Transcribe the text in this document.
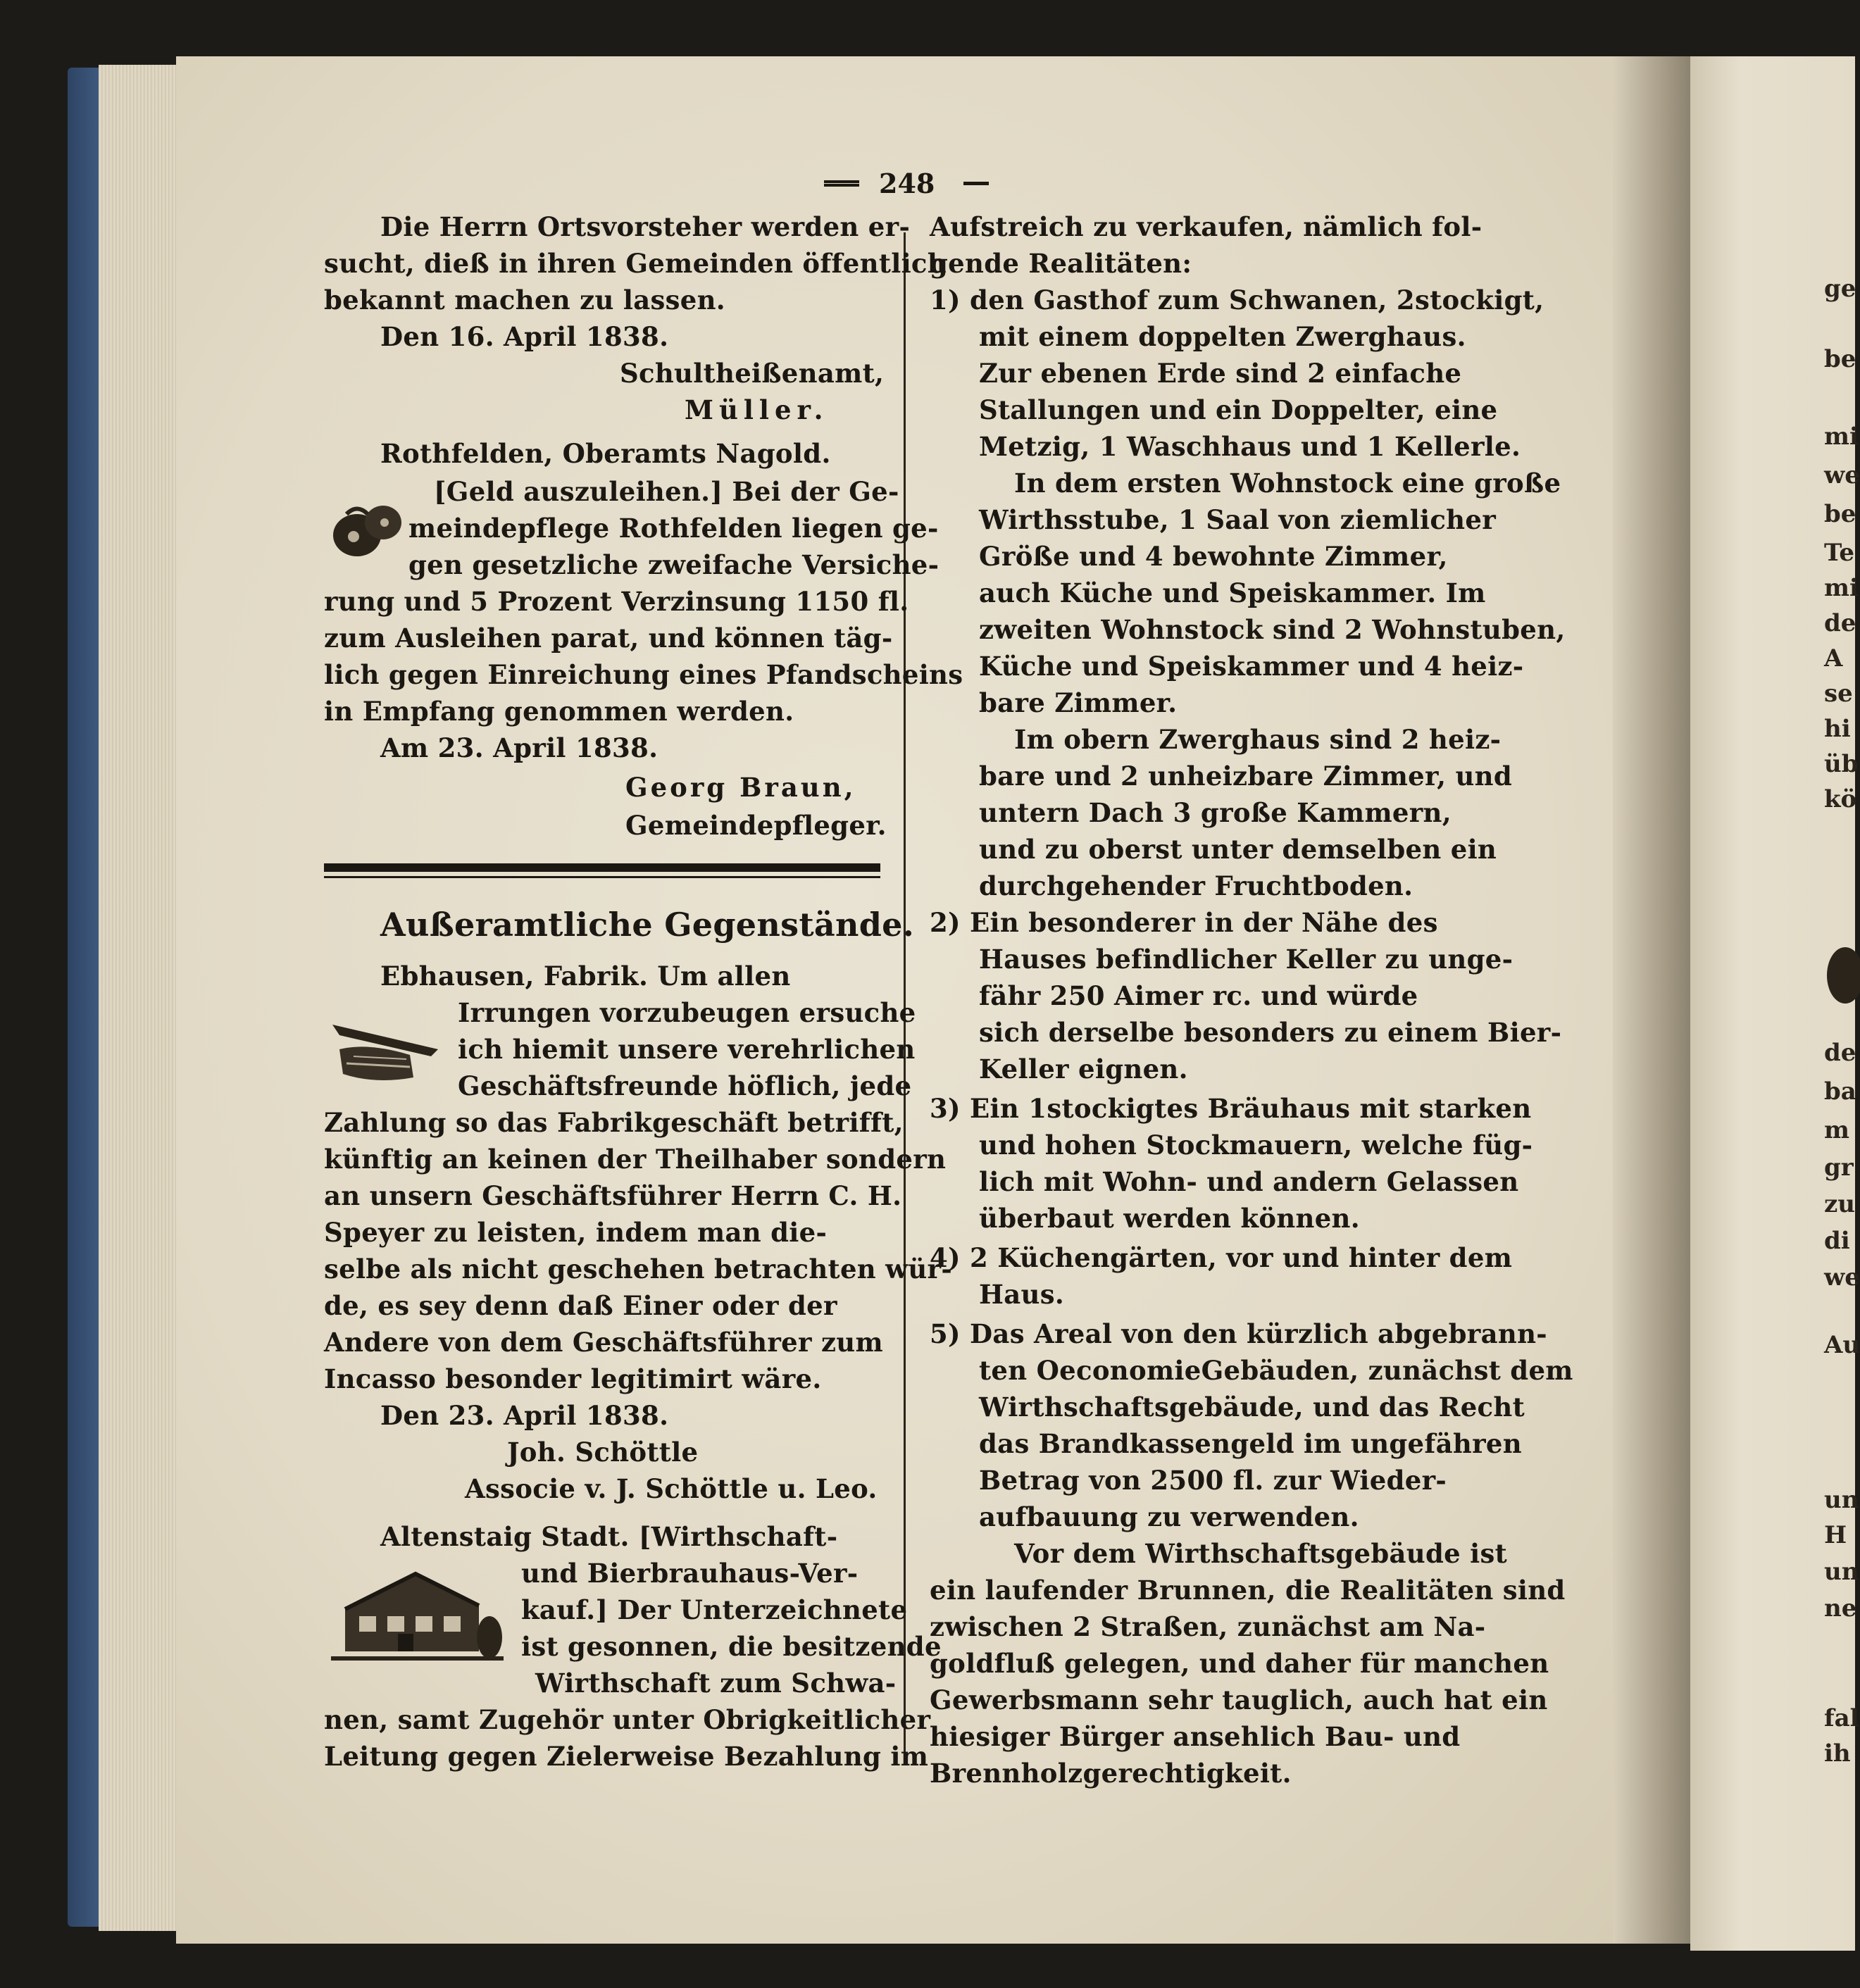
248
Die Herrn Ortsvorsteher werden er-
sucht, dieß in ihren Gemeinden öffentlich
bekannt machen zu lassen.
Den 16. April 1838.
Schultheißenamt,
Müller.
Rothfelden, Oberamts Nagold.
[Geld auszuleihen.] Bei der Ge-
meindepflege Rothfelden liegen ge-
gen gesetzliche zweifache Versiche-
rung und 5 Prozent Verzinsung 1150 fl.
zum Ausleihen parat, und können täg-
lich gegen Einreichung eines Pfandscheins
in Empfang genommen werden.
Am 23. April 1838.
Georg Braun,
Gemeindepfleger.
Außeramtliche Gegenstände.
Ebhausen, Fabrik. Um allen
Irrungen vorzubeugen ersuche
ich hiemit unsere verehrlichen
Geschäftsfreunde höflich, jede
Zahlung so das Fabrikgeschäft betrifft,
künftig an keinen der Theilhaber sondern
an unsern Geschäftsführer Herrn C. H.
Speyer zu leisten, indem man die-
selbe als nicht geschehen betrachten wür-
de, es sey denn daß Einer oder der
Andere von dem Geschäftsführer zum
Incasso besonder legitimirt wäre.
Den 23. April 1838.
Joh. Schöttle
Associe v. J. Schöttle u. Leo.
Altenstaig Stadt. [Wirthschaft-
und Bierbrauhaus-Ver-
kauf.] Der Unterzeichnete
ist gesonnen, die besitzende
Wirthschaft zum Schwa-
nen, samt Zugehör unter Obrigkeitlicher
Leitung gegen Zielerweise Bezahlung im
Aufstreich zu verkaufen, nämlich fol-
gende Realitäten:
1) den Gasthof zum Schwanen, 2stockigt,
mit einem doppelten Zwerghaus.
Zur ebenen Erde sind 2 einfache
Stallungen und ein Doppelter, eine
Metzig, 1 Waschhaus und 1 Kellerle.
In dem ersten Wohnstock eine große
Wirthsstube, 1 Saal von ziemlicher
Größe und 4 bewohnte Zimmer,
auch Küche und Speiskammer. Im
zweiten Wohnstock sind 2 Wohnstuben,
Küche und Speiskammer und 4 heiz-
bare Zimmer.
Im obern Zwerghaus sind 2 heiz-
bare und 2 unheizbare Zimmer, und
untern Dach 3 große Kammern,
und zu oberst unter demselben ein
durchgehender Fruchtboden.
2) Ein besonderer in der Nähe des
Hauses befindlicher Keller zu unge-
fähr 250 Aimer rc. und würde
sich derselbe besonders zu einem Bier-
Keller eignen.
3) Ein 1stockigtes Bräuhaus mit starken
und hohen Stockmauern, welche füg-
lich mit Wohn- und andern Gelassen
überbaut werden können.
4) 2 Küchengärten, vor und hinter dem
Haus.
5) Das Areal von den kürzlich abgebrann-
ten OeconomieGebäuden, zunächst dem
Wirthschaftsgebäude, und das Recht
das Brandkassengeld im ungefähren
Betrag von 2500 fl. zur Wieder-
aufbauung zu verwenden.
Vor dem Wirthschaftsgebäude ist
ein laufender Brunnen, die Realitäten sind
zwischen 2 Straßen, zunächst am Na-
goldfluß gelegen, und daher für manchen
Gewerbsmann sehr tauglich, auch hat ein
hiesiger Bürger ansehlich Bau- und
Brennholzgerechtigkeit.
ge
be
mi
we
be
Te
mi
de
A
se
hi
üb
kö
de
ba
m
gr
zu
di
we
Au
un
H
un
ne
fal
ih
